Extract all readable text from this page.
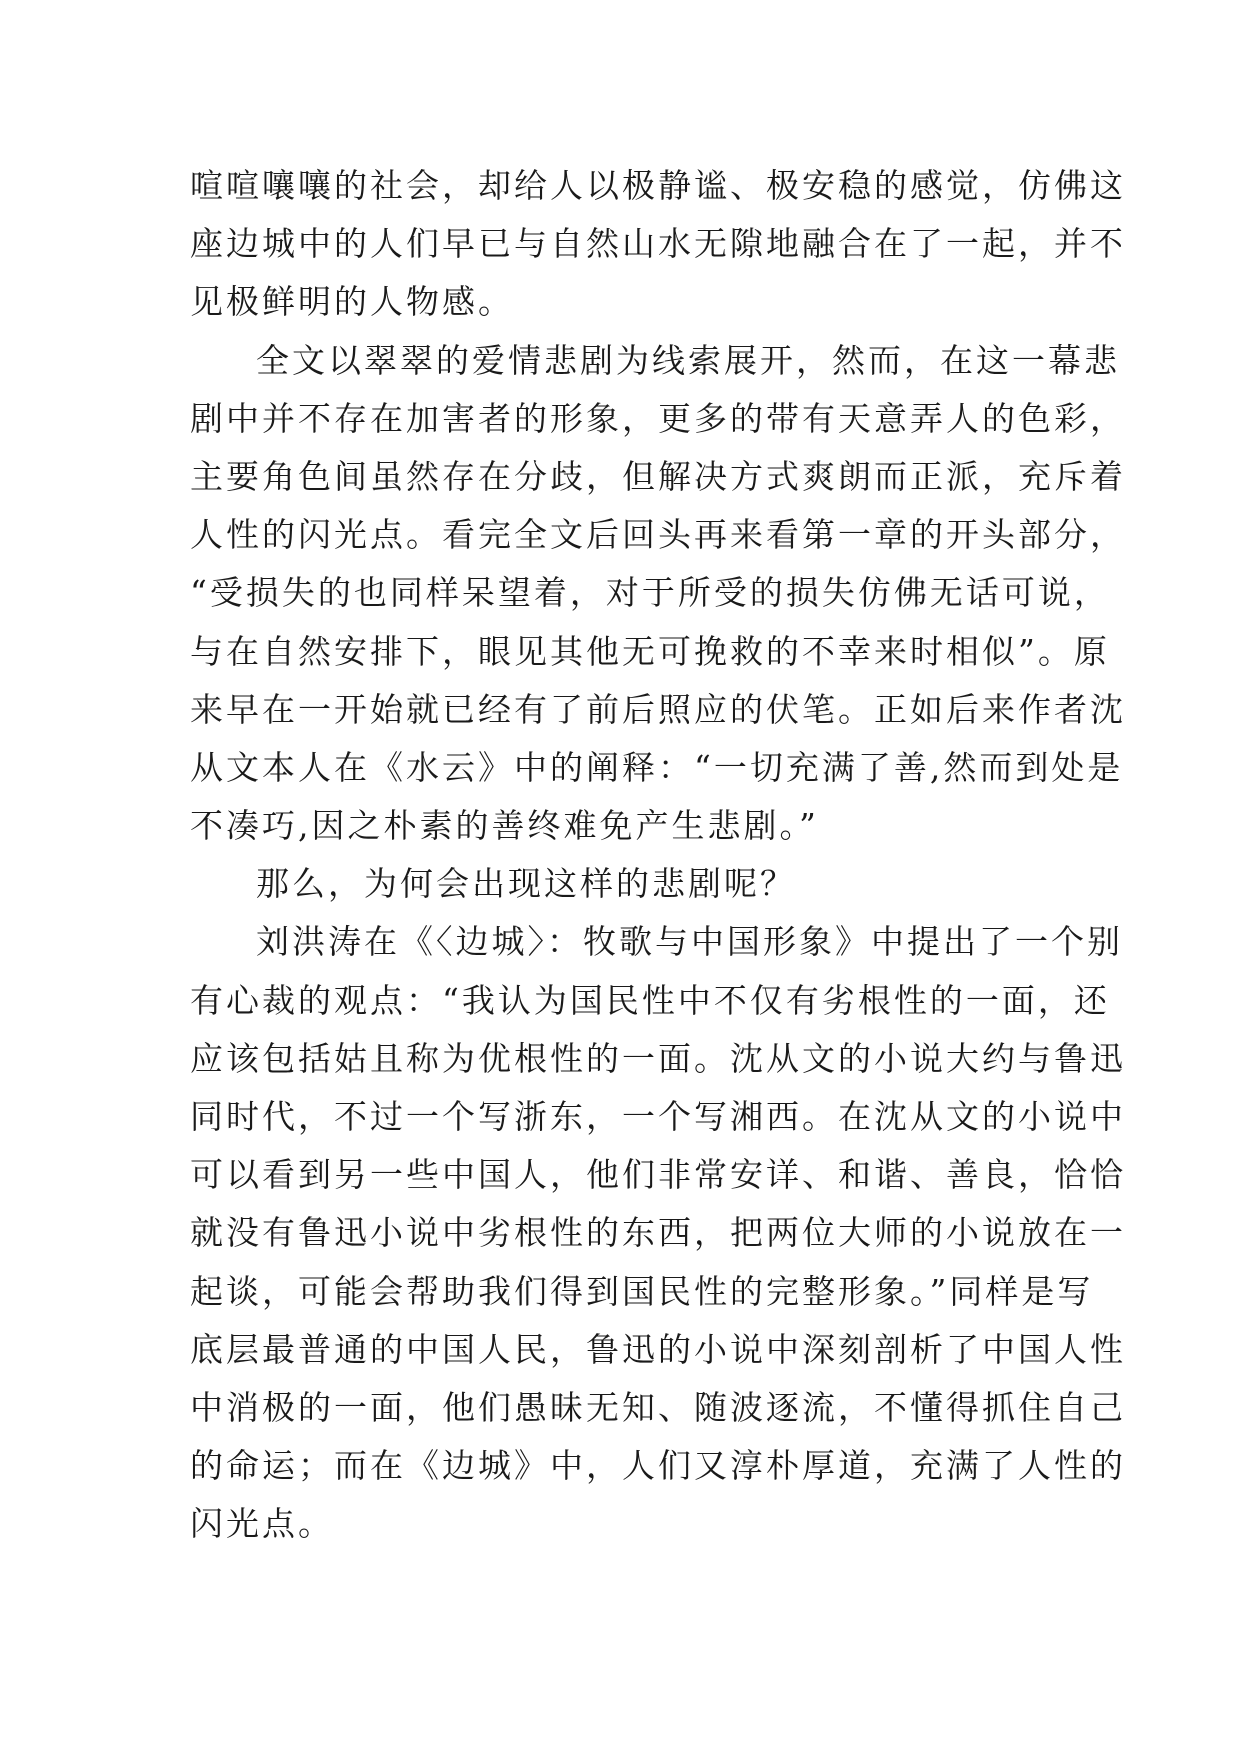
喧喧嚷嚷的社会，却给人以极静谧、极安稳的感觉，仿佛这
座边城中的人们早已与自然山水无隙地融合在了一起，并不
见极鲜明的人物感。
全文以翠翠的爱情悲剧为线索展开，然而，在这一幕悲
剧中并不存在加害者的形象，更多的带有天意弄人的色彩，
主要角色间虽然存在分歧，但解决方式爽朗而正派，充斥着
人性的闪光点。看完全文后回头再来看第一章的开头部分，
“受损失的也同样呆望着，对于所受的损失仿佛无话可说，
与在自然安排下，眼见其他无可挽救的不幸来时相似”。原
来早在一开始就已经有了前后照应的伏笔。正如后来作者沈
从文本人在《水云》中的阐释：“一切充满了善,然而到处是
不凑巧,因之朴素的善终难免产生悲剧。”
那么，为何会出现这样的悲剧呢？
刘洪涛在《〈边城〉：牧歌与中国形象》中提出了一个别
有心裁的观点：“我认为国民性中不仅有劣根性的一面，还
应该包括姑且称为优根性的一面。沈从文的小说大约与鲁迅
同时代，不过一个写浙东，一个写湘西。在沈从文的小说中
可以看到另一些中国人，他们非常安详、和谐、善良，恰恰
就没有鲁迅小说中劣根性的东西，把两位大师的小说放在一
起谈，可能会帮助我们得到国民性的完整形象。”同样是写
底层最普通的中国人民，鲁迅的小说中深刻剖析了中国人性
中消极的一面，他们愚昧无知、随波逐流，不懂得抓住自己
的命运；而在《边城》中，人们又淳朴厚道，充满了人性的
闪光点。
